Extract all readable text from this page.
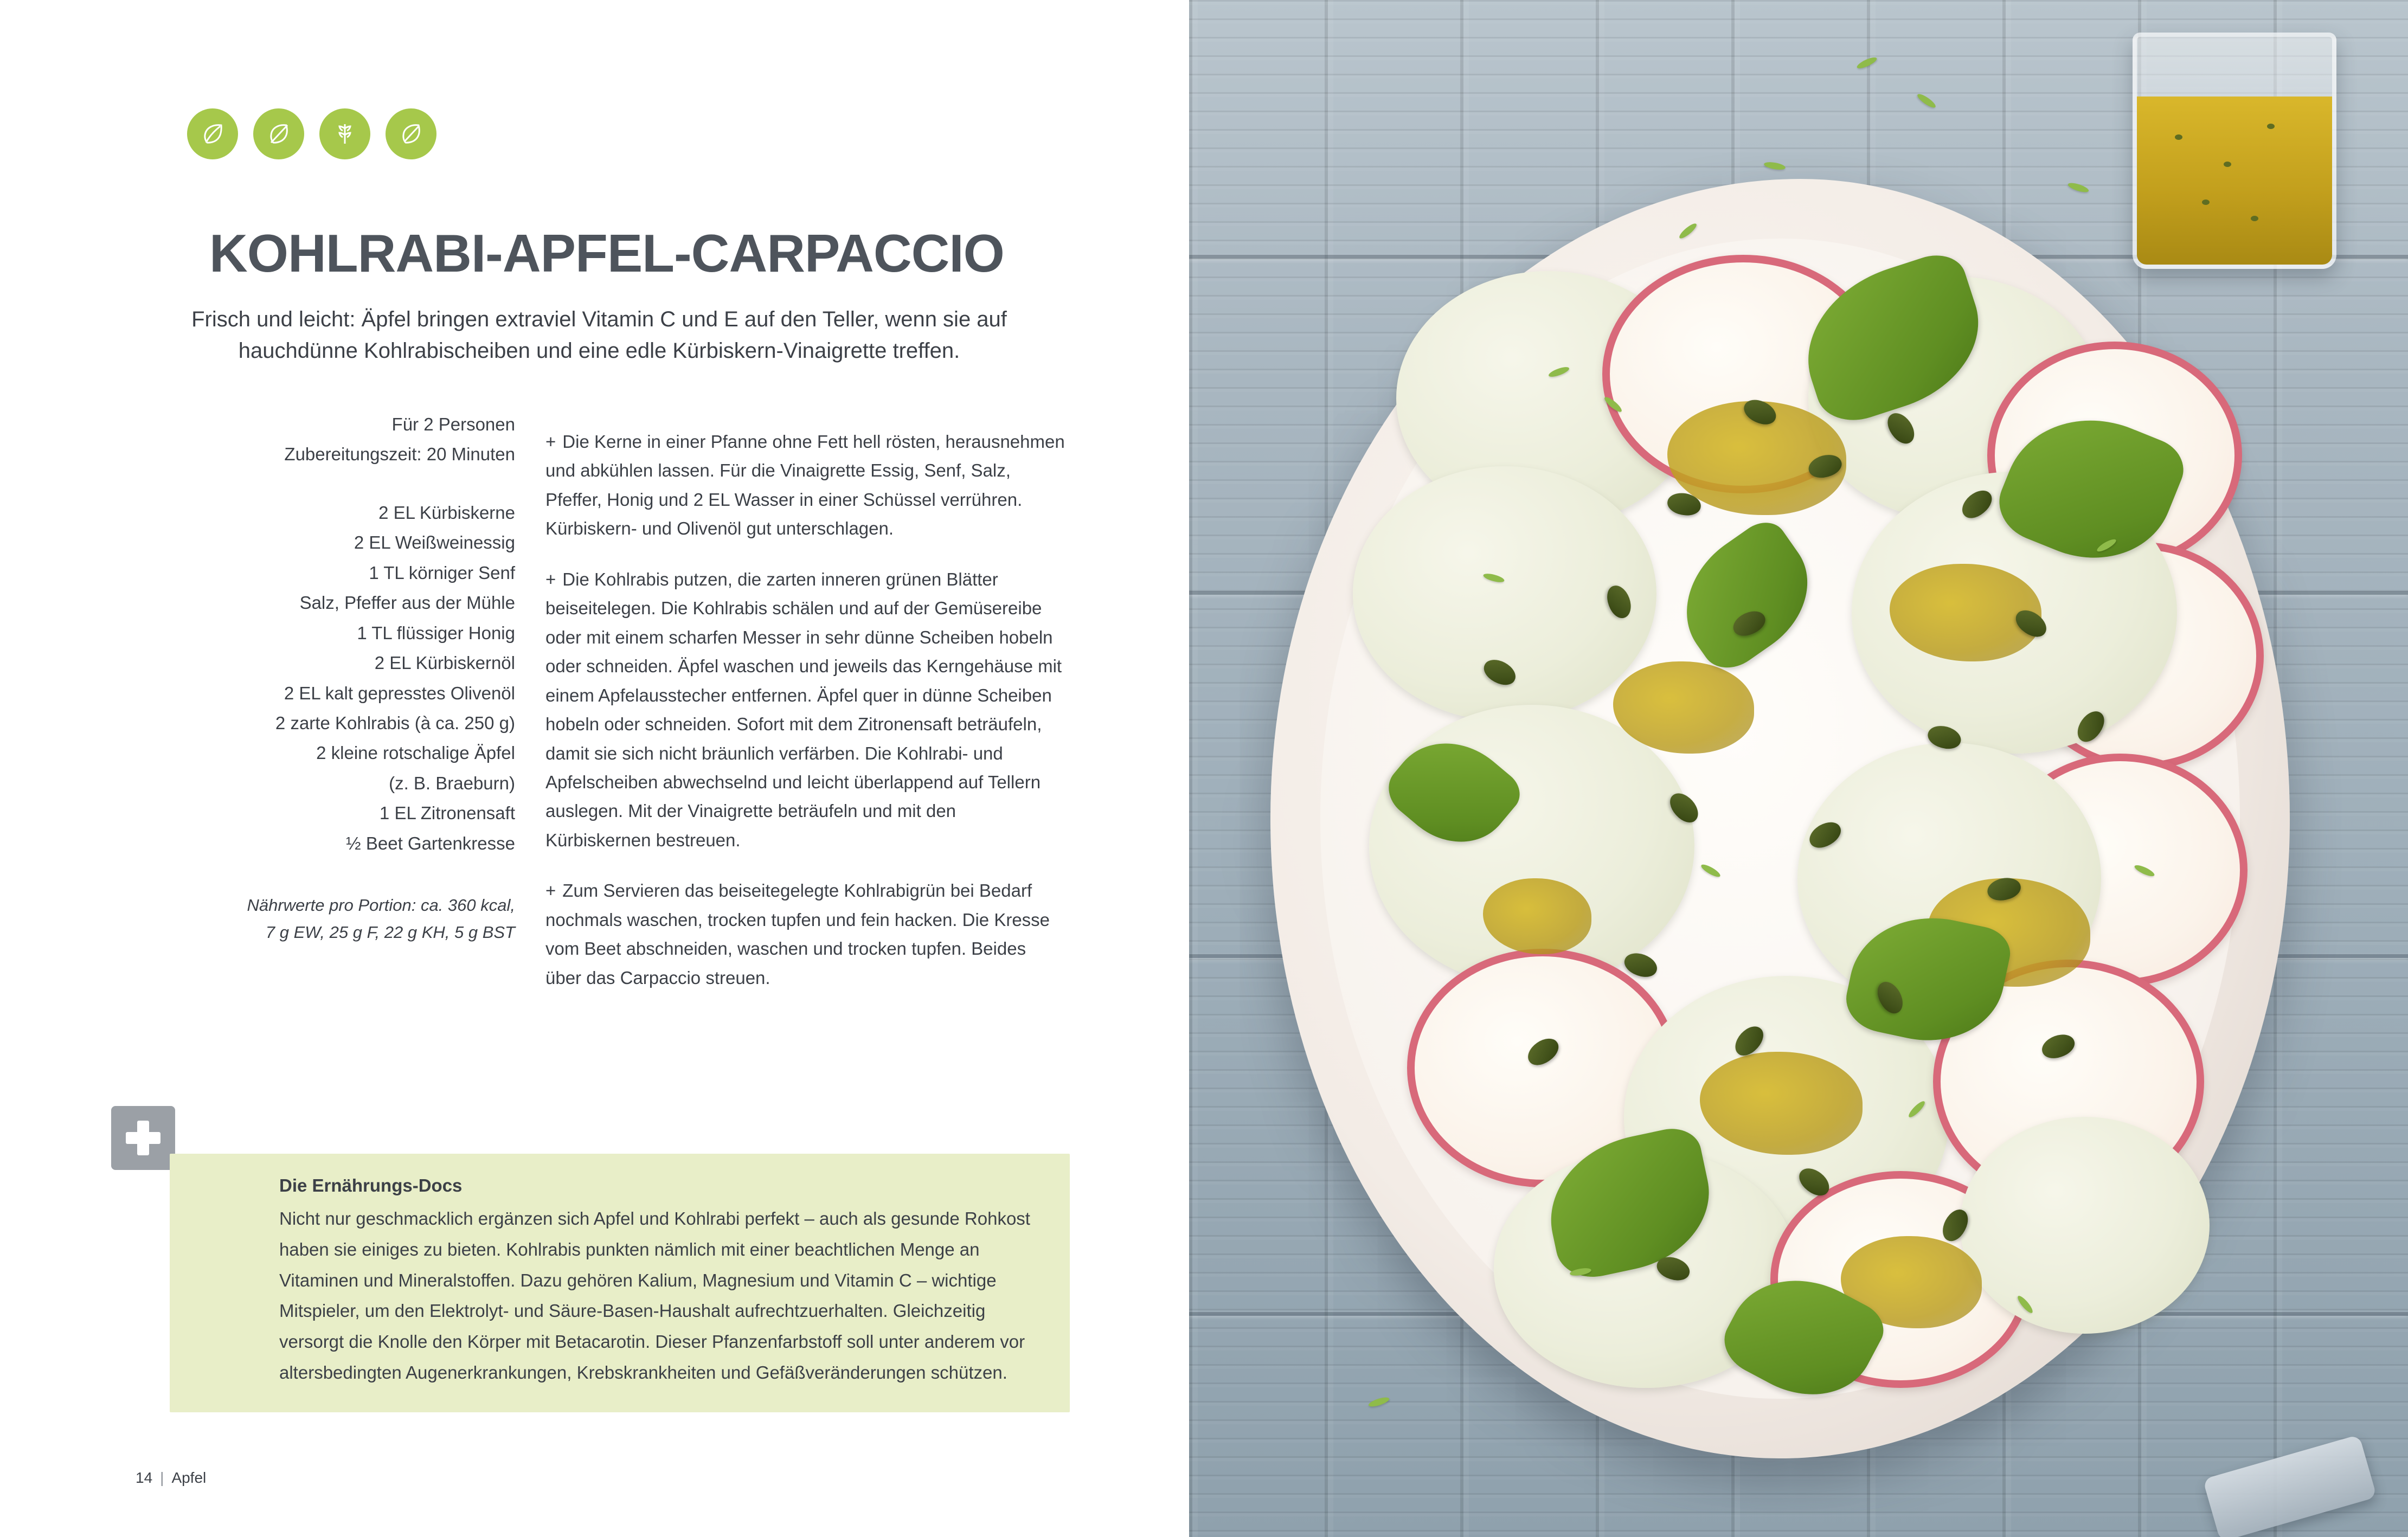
KOHLRABI-APFEL-CARPACCIO

Frisch und leicht: Äpfel bringen extraviel Vitamin C und E auf den Teller, wenn sie auf hauchdünne Kohlrabischeiben und eine edle Kürbiskern-Vinaigrette treffen.

Für 2 Personen
Zubereitungszeit: 20 Minuten
2 EL Kürbiskerne
2 EL Weißweinessig
1 TL körniger Senf
Salz, Pfeffer aus der Mühle
1 TL flüssiger Honig
2 EL Kürbiskernöl
2 EL kalt gepresstes Olivenöl
2 zarte Kohlrabis (à ca. 250 g)
2 kleine rotschalige Äpfel
(z. B. Braeburn)
1 EL Zitronensaft
½ Beet Gartenkresse
Nährwerte pro Portion: ca. 360 kcal,
7 g EW, 25 g F, 22 g KH, 5 g BST

+ Die Kerne in einer Pfanne ohne Fett hell rösten, herausnehmen und abkühlen lassen. Für die Vinaigrette Essig, Senf, Salz, Pfeffer, Honig und 2 EL Wasser in einer Schüssel verrühren. Kürbiskern- und Olivenöl gut unterschlagen.

+ Die Kohlrabis putzen, die zarten inneren grünen Blätter beiseitelegen. Die Kohlrabis schälen und auf der Gemüsereibe oder mit einem scharfen Messer in sehr dünne Scheiben hobeln oder schneiden. Äpfel waschen und jeweils das Kerngehäuse mit einem Apfelausstecher entfernen. Äpfel quer in dünne Scheiben hobeln oder schneiden. Sofort mit dem Zitronensaft beträufeln, damit sie sich nicht bräunlich verfärben. Die Kohlrabi- und Apfelscheiben abwechselnd und leicht überlappend auf Tellern auslegen. Mit der Vinaigrette beträufeln und mit den Kürbiskernen bestreuen.

+ Zum Servieren das beiseitegelegte Kohlrabigrün bei Bedarf nochmals waschen, trocken tupfen und fein hacken. Die Kresse vom Beet abschneiden, waschen und trocken tupfen. Beides über das Carpaccio streuen.

Die Ernährungs-Docs
Nicht nur geschmacklich ergänzen sich Apfel und Kohlrabi perfekt – auch als gesunde Rohkost haben sie einiges zu bieten. Kohlrabis punkten nämlich mit einer beachtlichen Menge an Vitaminen und Mineralstoffen. Dazu gehören Kalium, Magnesium und Vitamin C – wichtige Mitspieler, um den Elektrolyt- und Säure-Basen-Haushalt aufrechtzuerhalten. Gleichzeitig versorgt die Knolle den Körper mit Betacarotin. Dieser Pfanzenfarbstoff soll unter anderem vor altersbedingten Augenerkrankungen, Krebskrankheiten und Gefäßveränderungen schützen.
14 | Apfel
